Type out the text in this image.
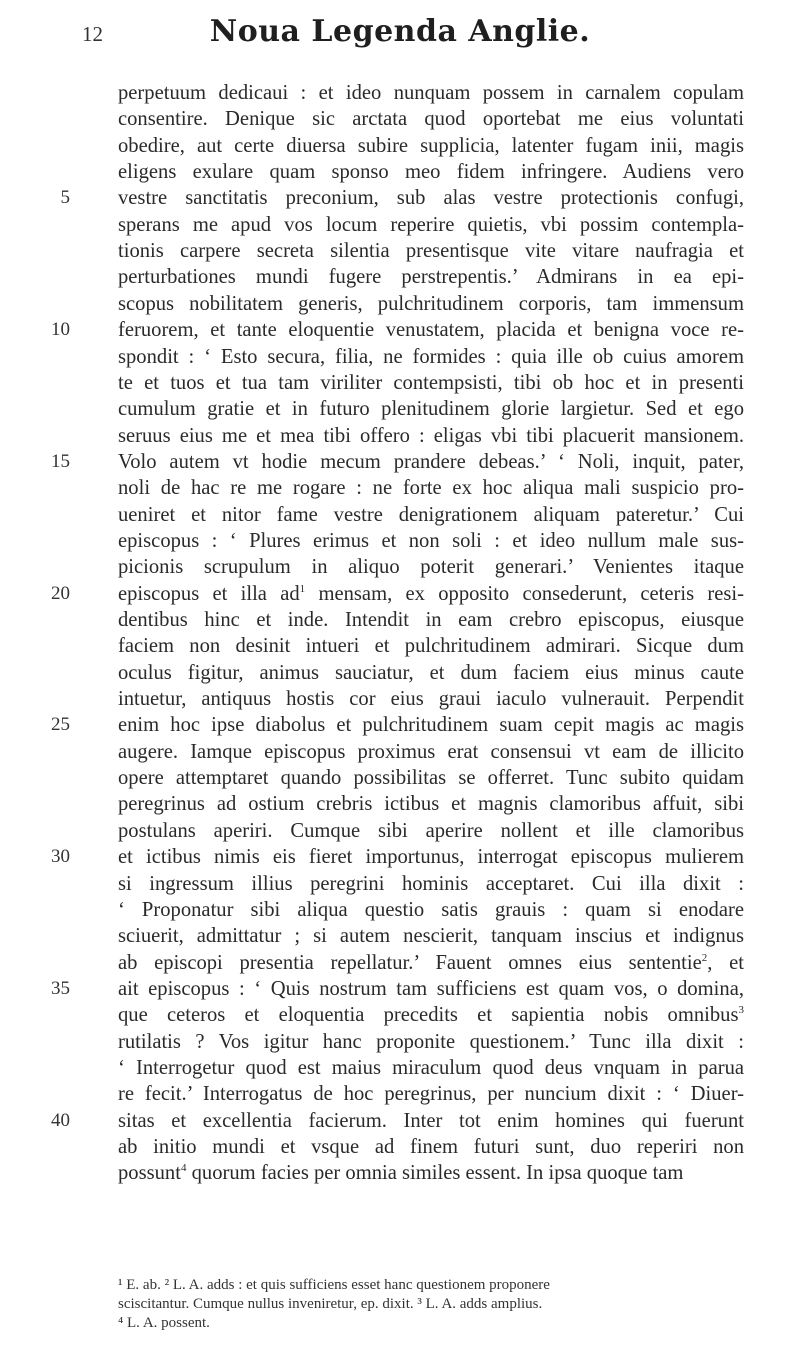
12	Noua Legenda Anglie.
perpetuum dedicaui : et ideo nunquam possem in carnalem copulam
consentire. Denique sic arctata quod oportebat me eius voluntati
obedire, aut certe diuersa subire supplicia, latenter fugam inii, magis
eligens exulare quam sponso meo fidem infringere. Audiens vero
5 vestre sanctitatis preconium, sub alas vestre protectionis confugi,
sperans me apud vos locum reperire quietis, vbi possim contempla-
tionis carpere secreta silentia presentisque vite vitare naufragia et
perturbationes mundi fugere perstrepentis.’ Admirans in ea epi-
scopus nobilitatem generis, pulchritudinem corporis, tam immensum
10 feruorem, et tante eloquentie venustatem, placida et benigna voce re-
spondit : ‘ Esto secura, filia, ne formides : quia ille ob cuius amorem
te et tuos et tua tam viriliter contempsisti, tibi ob hoc et in presenti
cumulum gratie et in futuro plenitudinem glorie largietur. Sed et ego
seruus eius me et mea tibi offero : eligas vbi tibi placuerit mansionem.
15 Volo autem vt hodie mecum prandere debeas.’ ‘ Noli, inquit, pater,
noli de hac re me rogare : ne forte ex hoc aliqua mali suspicio pro-
ueniret et nitor fame vestre denigrationem aliquam pateretur.’ Cui
episcopus : ‘ Plures erimus et non soli : et ideo nullum male sus-
picionis scrupulum in aliquo poterit generari.’ Venientes itaque
20 episcopus et illa $ad^1$ mensam, ex opposito consederunt, ceteris resi-
dentibus hinc et inde. Intendit in eam crebro episcopus, eiusque
faciem non desinit intueri et pulchritudinem admirari. Sicque dum
oculus figitur, animus sauciatur, et dum faciem eius minus caute
intuetur, antiquus hostis cor eius graui iaculo vulnerauit. Perpendit
25 enim hoc ipse diabolus et pulchritudinem suam cepit magis ac magis
augere. Iamque episcopus proximus erat consensui vt eam de illicito
opere attemptaret quando possibilitas se offerret. Tunc subito quidam
peregrinus ad ostium crebris ictibus et magnis clamoribus affuit, sibi
postulans aperiri. Cumque sibi aperire nollent et ille clamoribus
30 et ictibus nimis eis fieret importunus, interrogat episcopus mulierem
si ingressum illius peregrini hominis acceptaret. Cui illa dixit :
‘ Proponatur sibi aliqua questio satis grauis : quam si enodare
sciuerit, admittatur ; si autem nescierit, tanquam inscius et indignus
ab episcopi presentia repellatur.’ Fauent omnes eius sententie$^2$, et
35 ait episcopus : ‘ Quis nostrum tam sufficiens est quam vos, o domina,
que ceteros et eloquentia precedits et sapientia nobis omnibus$^3$
rutilatis ? Vos igitur hanc proponite questionem.’ Tunc illa dixit :
‘ Interrogetur quod est maius miraculum quod deus vnquam in parua
re fecit.’ Interrogatus de hoc peregrinus, per nuncium dixit : ‘ Diuer-
40 sitas et excellentia facierum. Inter tot enim homines qui fuerunt
ab initio mundi et vsque ad finem futuri sunt, duo reperiri non
possunt$^4$ quorum facies per omnia similes essent. In ipsa quoque tam
¹ E. ab. ² L. A. adds : et quis sufficiens esset hanc questionem proponere
sciscitantur. Cumque nullus inveniretur, ep. dixit. ³ L. A. adds amplius.
⁴ L. A. possent.
